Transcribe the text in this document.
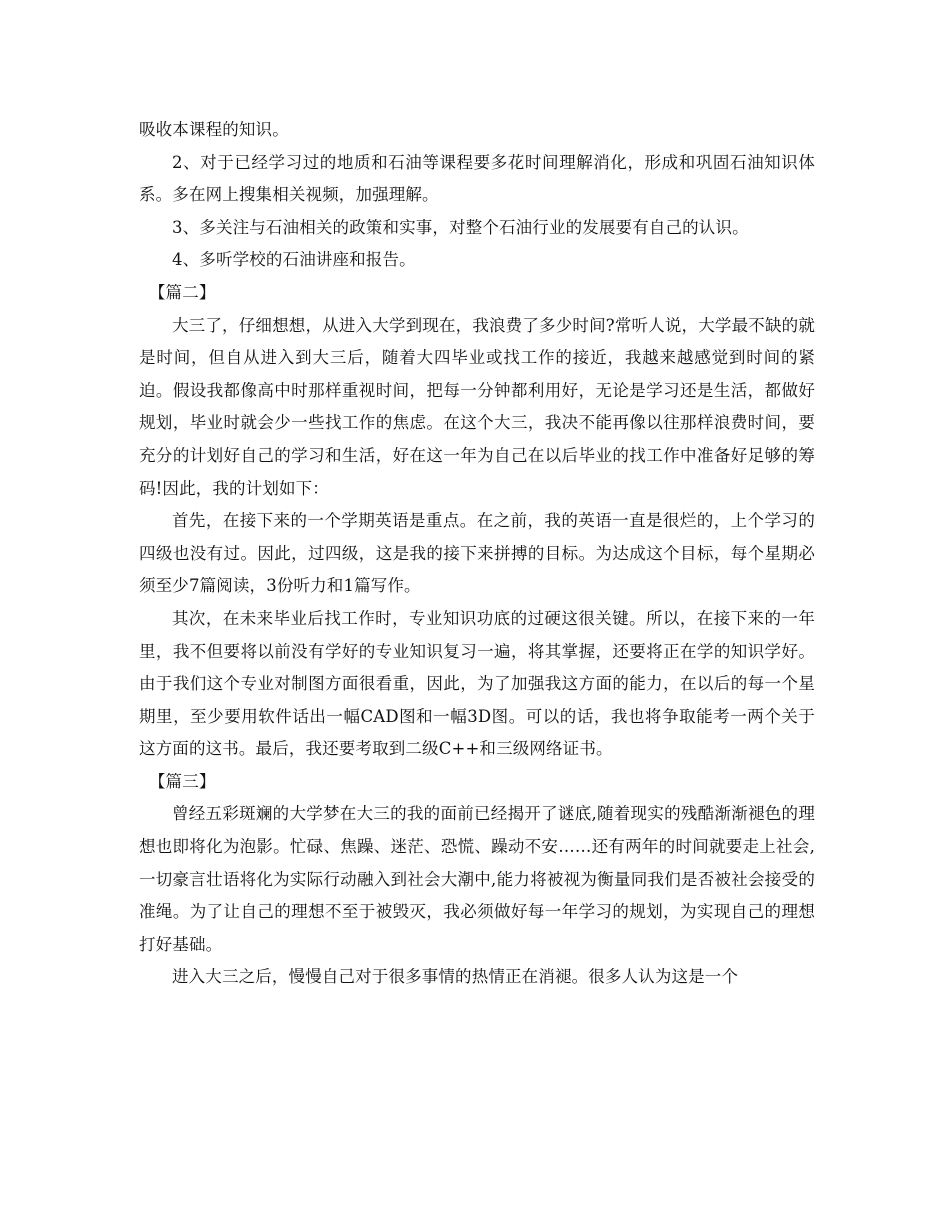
吸收本课程的知识。

2、对于已经学习过的地质和石油等课程要多花时间理解消化，形成和巩固石油知识体系。多在网上搜集相关视频，加强理解。

3、多关注与石油相关的政策和实事，对整个石油行业的发展要有自己的认识。

4、多听学校的石油讲座和报告。

【篇二】

大三了，仔细想想，从进入大学到现在，我浪费了多少时间?常听人说，大学最不缺的就是时间，但自从进入到大三后，随着大四毕业或找工作的接近，我越来越感觉到时间的紧迫。假设我都像高中时那样重视时间，把每一分钟都利用好，无论是学习还是生活，都做好规划，毕业时就会少一些找工作的焦虑。在这个大三，我决不能再像以往那样浪费时间，要充分的计划好自己的学习和生活，好在这一年为自己在以后毕业的找工作中准备好足够的筹码!因此，我的计划如下：

首先，在接下来的一个学期英语是重点。在之前，我的英语一直是很烂的，上个学习的四级也没有过。因此，过四级，这是我的接下来拼搏的目标。为达成这个目标，每个星期必须至少7篇阅读，3份听力和1篇写作。

其次，在未来毕业后找工作时，专业知识功底的过硬这很关键。所以，在接下来的一年里，我不但要将以前没有学好的专业知识复习一遍，将其掌握，还要将正在学的知识学好。由于我们这个专业对制图方面很看重，因此，为了加强我这方面的能力，在以后的每一个星期里，至少要用软件话出一幅CAD图和一幅3D图。可以的话，我也将争取能考一两个关于这方面的这书。最后，我还要考取到二级C++和三级网络证书。

【篇三】

曾经五彩斑斓的大学梦在大三的我的面前已经揭开了谜底,随着现实的残酷渐渐褪色的理想也即将化为泡影。忙碌、焦躁、迷茫、恐慌、躁动不安……还有两年的时间就要走上社会,一切豪言壮语将化为实际行动融入到社会大潮中,能力将被视为衡量同我们是否被社会接受的准绳。为了让自己的理想不至于被毁灭，我必须做好每一年学习的规划，为实现自己的理想打好基础。

进入大三之后，慢慢自己对于很多事情的热情正在消褪。很多人认为这是一个
